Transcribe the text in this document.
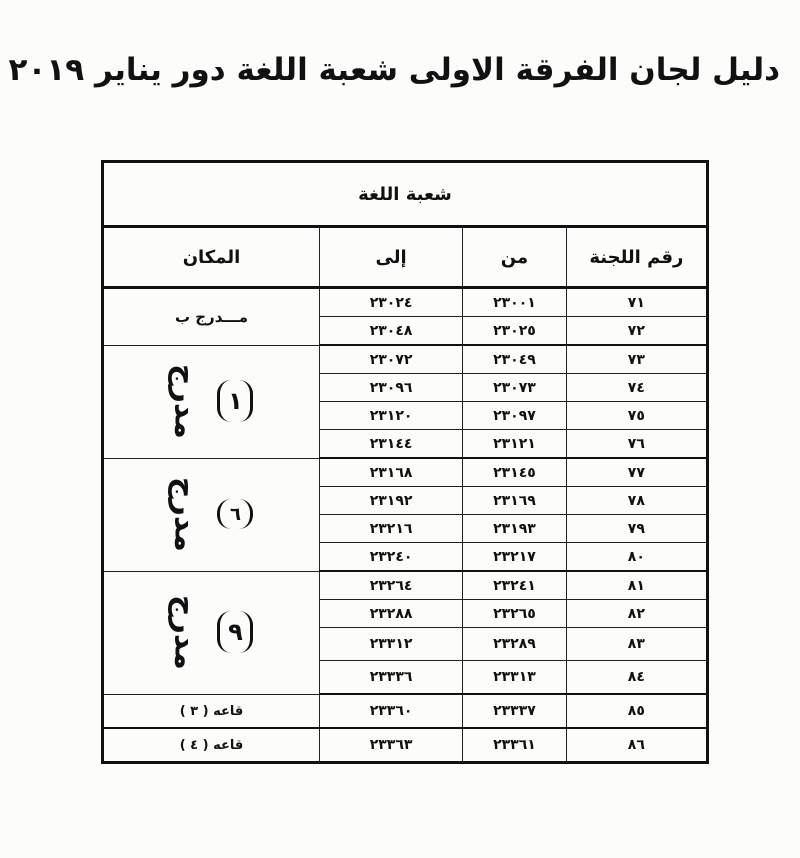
دليل لجان الفرقة الاولى شعبة اللغة دور يناير ٢٠١٩
شعبة اللغة			
رقم اللجنة	من	إلى	المكان
٧١	٢٣٠٠١	٢٣٠٢٤	مـــدرج ب
٧٢	٢٣٠٢٥	٢٣٠٤٨	
٧٣	٢٣٠٤٩	٢٣٠٧٢	مدرج ١

٧٤	٢٣٠٧٣	٢٣٠٩٦	
٧٥	٢٣٠٩٧	٢٣١٢٠	
٧٦	٢٣١٢١	٢٣١٤٤	
٧٧	٢٣١٤٥	٢٣١٦٨	مدرج ٦

٧٨	٢٣١٦٩	٢٣١٩٢	
٧٩	٢٣١٩٣	٢٣٢١٦	
٨٠	٢٣٢١٧	٢٣٢٤٠	
٨١	٢٣٢٤١	٢٣٢٦٤	مدرج ٩

٨٢	٢٣٢٦٥	٢٣٢٨٨	
٨٣	٢٣٢٨٩	٢٣٣١٢	
٨٤	٢٣٣١٣	٢٣٣٣٦	
٨٥	٢٣٣٣٧	٢٣٣٦٠	قاعه ( ٣ )
٨٦	٢٣٣٦١	٢٣٣٦٣	قاعه ( ٤ )
